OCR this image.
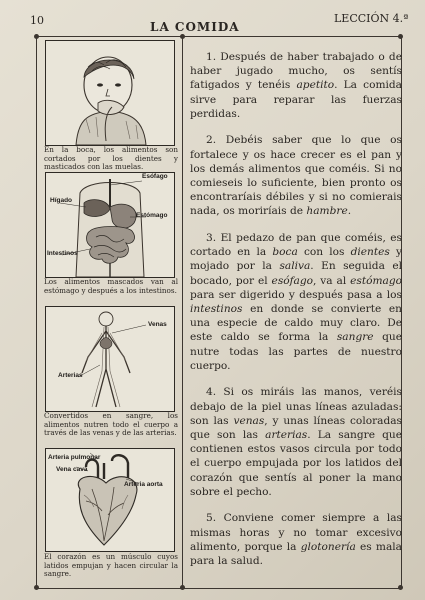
10	LA COMIDA
LECCIÓN 4.ª
En la boca, los alimentos son cortados por los dientes y masticados con las muelas.
Esófago
Hígado
Estómago
Intestinos
Los alimentos mascados van al estómago y después a los intestinos.
Venas
Arterias
Convertidos en sangre, los alimentos nutren todo el cuerpo a través de las venas y de las arterias.
Arteria pulmonar
Vena cava
Arteria aorta
El corazón es un músculo cuyos latidos empujan y hacen circular la sangre.

1. Después de haber trabajado o de haber jugado mucho, os sentís fatigados y tenéis apetito. La comida sirve para reparar las fuerzas perdidas.

2. Debéis saber que lo que os fortalece y os hace crecer es el pan y los demás alimentos que coméis. Si no comieseis lo suficiente, bien pronto os encontraríais débiles y si no comierais nada, os moriríais de hambre.

3. El pedazo de pan que coméis, es cortado en la boca con los dientes y mojado por la saliva. En seguida el bocado, por el esófago, va al estómago para ser digerido y después pasa a los intestinos en donde se convierte en una especie de caldo muy claro. De este caldo se forma la sangre que nutre todas las partes de nuestro cuerpo.

4. Si os miráis las manos, veréis debajo de la piel unas líneas azuladas: son las venas, y unas líneas coloradas que son las arterias. La sangre que contienen estos vasos circula por todo el cuerpo empujada por los latidos del corazón que sentís al poner la mano sobre el pecho.

5. Conviene comer siempre a las mismas horas y no tomar excesivo alimento, porque la glotonería es mala para la salud.
